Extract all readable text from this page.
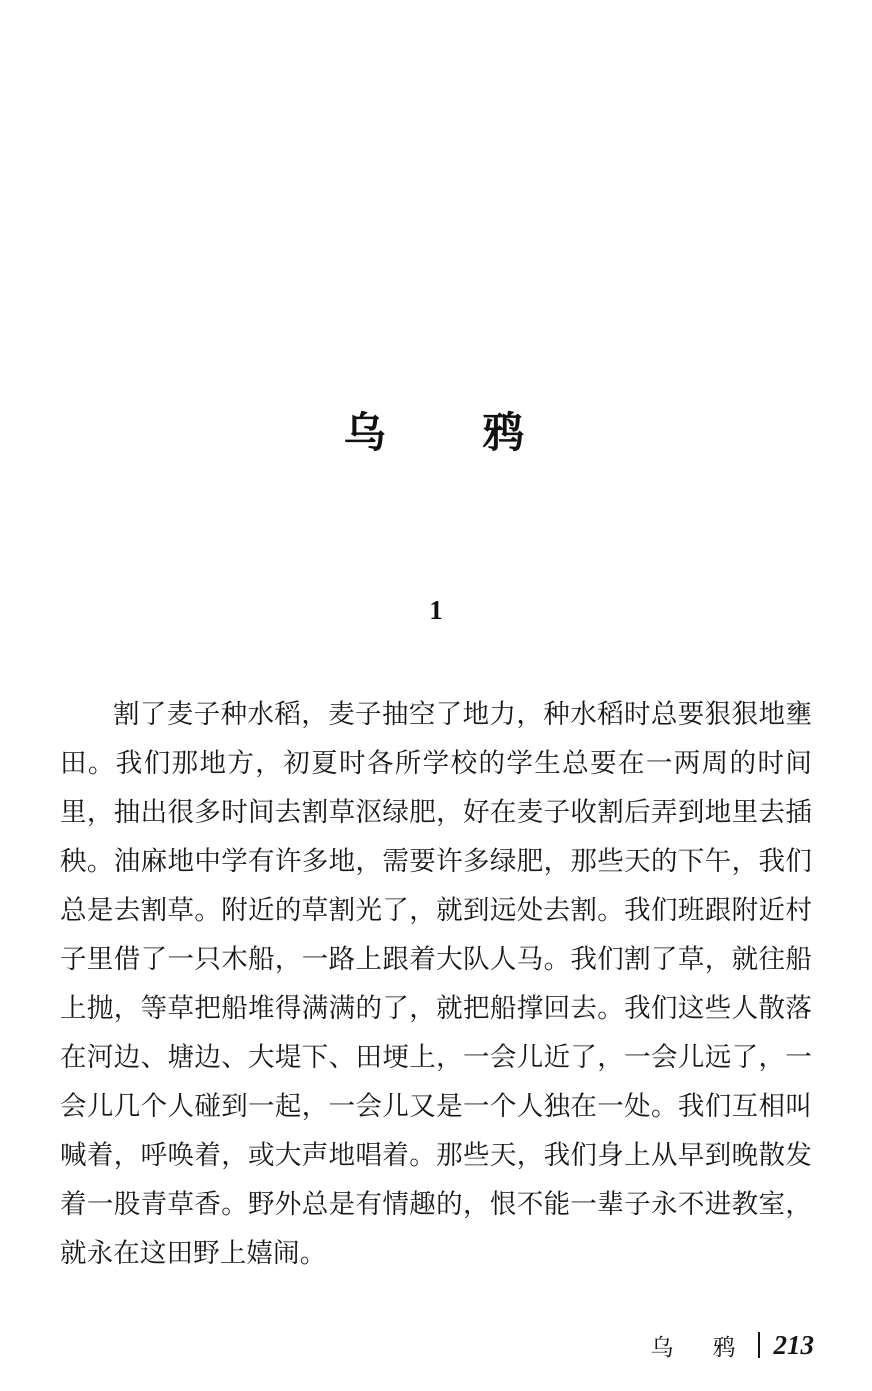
乌　　鸦
1

割了麦子种水稻，麦子抽空了地力，种水稻时总要狠狠地壅田。我们那地方，初夏时各所学校的学生总要在一两周的时间里，抽出很多时间去割草沤绿肥，好在麦子收割后弄到地里去插秧。油麻地中学有许多地，需要许多绿肥，那些天的下午，我们总是去割草。附近的草割光了，就到远处去割。我们班跟附近村子里借了一只木船，一路上跟着大队人马。我们割了草，就往船上抛，等草把船堆得满满的了，就把船撑回去。我们这些人散落在河边、塘边、大堤下、田埂上，一会儿近了，一会儿远了，一会儿几个人碰到一起，一会儿又是一个人独在一处。我们互相叫喊着，呼唤着，或大声地唱着。那些天，我们身上从早到晚散发着一股青草香。野外总是有情趣的，恨不能一辈子永不进教室，就永在这田野上嬉闹。

乌　鸦 213
